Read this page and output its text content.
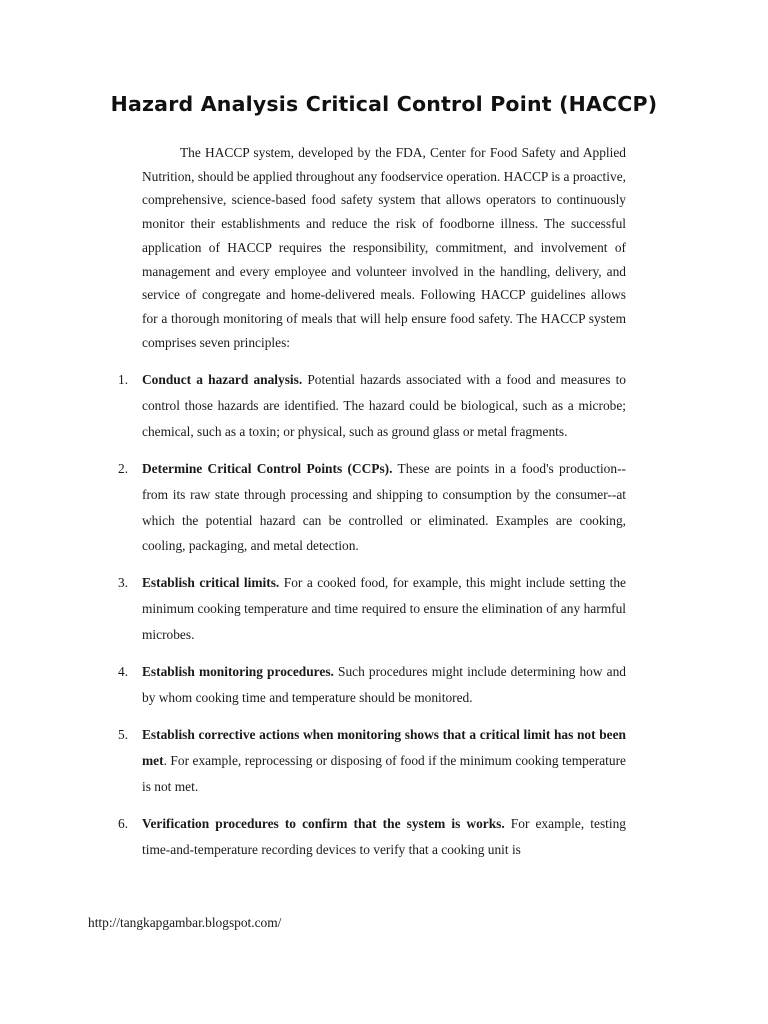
Hazard Analysis Critical Control Point (HACCP)

The HACCP system, developed by the FDA, Center for Food Safety and Applied Nutrition, should be applied throughout any foodservice operation. HACCP is a proactive, comprehensive, science-based food safety system that allows operators to continuously monitor their establishments and reduce the risk of foodborne illness. The successful application of HACCP requires the responsibility, commitment, and involvement of management and every employee and volunteer involved in the handling, delivery, and service of congregate and home-delivered meals. Following HACCP guidelines allows for a thorough monitoring of meals that will help ensure food safety. The HACCP system comprises seven principles:

1. Conduct a hazard analysis. Potential hazards associated with a food and measures to control those hazards are identified. The hazard could be biological, such as a microbe; chemical, such as a toxin; or physical, such as ground glass or metal fragments.

2. Determine Critical Control Points (CCPs). These are points in a food's production--from its raw state through processing and shipping to consumption by the consumer--at which the potential hazard can be controlled or eliminated. Examples are cooking, cooling, packaging, and metal detection.

3. Establish critical limits. For a cooked food, for example, this might include setting the minimum cooking temperature and time required to ensure the elimination of any harmful microbes.

4. Establish monitoring procedures. Such procedures might include determining how and by whom cooking time and temperature should be monitored.

5. Establish corrective actions when monitoring shows that a critical limit has not been met. For example, reprocessing or disposing of food if the minimum cooking temperature is not met.

6. Verification procedures to confirm that the system is works. For example, testing time-and-temperature recording devices to verify that a cooking unit is

http://tangkapgambar.blogspot.com/
